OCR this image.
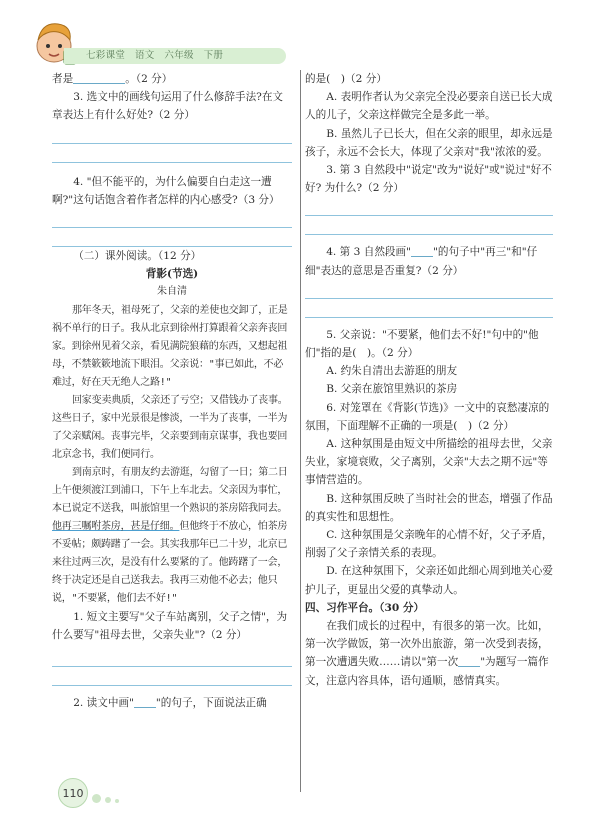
七彩课堂　语文　六年级　下册

者是	。（2 分）

3. 选文中的画线句运用了什么修辞手法?在文章表达上有什么好处?（2 分）

4. "但不能平的，为什么偏要自白走这一遭啊?"这句话饱含着作者怎样的内心感受?（3 分）

（二）课外阅读。（12 分）

背影(节选)

朱自清

那年冬天，祖母死了，父亲的差使也交卸了，正是祸不单行的日子。我从北京到徐州打算跟着父亲奔丧回家。到徐州见着父亲，看见满院狼藉的东西，又想起祖母，不禁簌簌地流下眼泪。父亲说："事已如此，不必难过，好在天无绝人之路!"

回家变卖典质，父亲还了亏空；又借钱办了丧事。这些日子，家中光景很是惨淡，一半为了丧事，一半为了父亲赋闲。丧事完毕，父亲要到南京谋事，我也要回北京念书，我们便同行。

到南京时，有朋友约去游逛，勾留了一日；第二日上午便须渡江到浦口，下午上车北去。父亲因为事忙，本已说定不送我，叫旅馆里一个熟识的茶房陪我同去。他再三嘱咐茶房，甚是仔细。但他终于不放心，怕茶房不妥帖；颇踌躇了一会。其实我那年已二十岁，北京已来往过两三次，是没有什么要紧的了。他踌躇了一会，终于决定还是自己送我去。我再三劝他不必去；他只说，"不要紧，他们去不好!"

1. 短文主要写"父子车站离别，父子之情"，为什么要写"祖母去世，父亲失业"?（2 分）

2. 读文中画" "的句子，下面说法正确

的是(　)（2 分）

A. 表明作者认为父亲完全没必要亲自送已长大成人的儿子，父亲这样做完全是多此一举。

B. 虽然儿子已长大，但在父亲的眼里，却永远是孩子，永远不会长大，体现了父亲对"我"浓浓的爱。

3. 第 3 自然段中"说定"改为"说好"或"说过"好不好? 为什么?（2 分）

4. 第 3 自然段画" "的句子中"再三"和"仔细"表达的意思是否重复?（2 分）

5. 父亲说："不要紧，他们去不好!"句中的"他们"指的是(　)。（2 分）

A. 约朱自清出去游逛的朋友

B. 父亲在旅馆里熟识的茶房

6. 对笼罩在《背影(节选)》一文中的哀愁凄凉的氛围，下面理解不正确的一项是(　)（2 分）

A. 这种氛围是由短文中所描绘的祖母去世，父亲失业，家境衰败，父子离别，父亲"大去之期不远"等事情营造的。

B. 这种氛围反映了当时社会的世态，增强了作品的真实性和思想性。

C. 这种氛围是父亲晚年的心情不好，父子矛盾，削弱了父子亲情关系的表现。

D. 在这种氛围下，父亲还如此细心周到地关心爱护儿子，更显出父爱的真挚动人。

四、习作平台。（30 分）

在我们成长的过程中，有很多的第一次。比如，第一次学做饭，第一次外出旅游，第一次受到表扬，第一次遭遇失败……请以"第一次 "为题写一篇作文，注意内容具体，语句通顺，感情真实。

110
